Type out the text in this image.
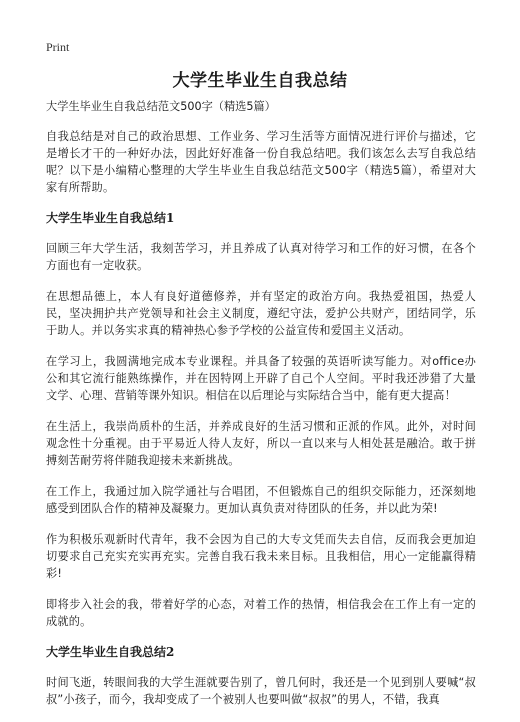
Print
大学生毕业生自我总结
大学生毕业生自我总结范文500字（精选5篇）

自我总结是对自己的政治思想、工作业务、学习生活等方面情况进行评价与描述，它是增长才干的一种好办法，因此好好准备一份自我总结吧。我们该怎么去写自我总结呢？以下是小编精心整理的大学生毕业生自我总结范文500字（精选5篇），希望对大家有所帮助。

大学生毕业生自我总结1

回顾三年大学生活，我刻苦学习，并且养成了认真对待学习和工作的好习惯，在各个方面也有一定收获。

在思想品德上，本人有良好道德修养，并有坚定的政治方向。我热爱祖国，热爱人民，坚决拥护共产党领导和社会主义制度，遵纪守法，爱护公共财产，团结同学，乐于助人。并以务实求真的精神热心参予学校的公益宣传和爱国主义活动。

在学习上，我圆满地完成本专业课程。并具备了较强的英语听读写能力。对office办公和其它流行能熟练操作，并在因特网上开辟了自己个人空间。平时我还涉猎了大量文学、心理、营销等课外知识。相信在以后理论与实际结合当中，能有更大提高！

在生活上，我崇尚质朴的生活，并养成良好的生活习惯和正派的作风。此外，对时间观念性十分重视。由于平易近人待人友好，所以一直以来与人相处甚是融洽。敢于拼搏刻苦耐劳将伴随我迎接未来新挑战。

在工作上，我通过加入院学通社与合唱团，不但锻炼自己的组织交际能力，还深刻地感受到团队合作的精神及凝聚力。更加认真负责对待团队的任务，并以此为荣!

作为积极乐观新时代青年，我不会因为自己的大专文凭而失去自信，反而我会更加迫切要求自己充实充实再充实。完善自我石我未来目标。且我相信，用心一定能赢得精彩!

即将步入社会的我，带着好学的心态，对着工作的热情，相信我会在工作上有一定的成就的。

大学生毕业生自我总结2

时间飞逝，转眼间我的大学生涯就要告别了，曾几何时，我还是一个见到别人要喊“叔叔”小孩子，而今，我却变成了一个被别人也要叫做“叔叔”的男人，不错，我真
